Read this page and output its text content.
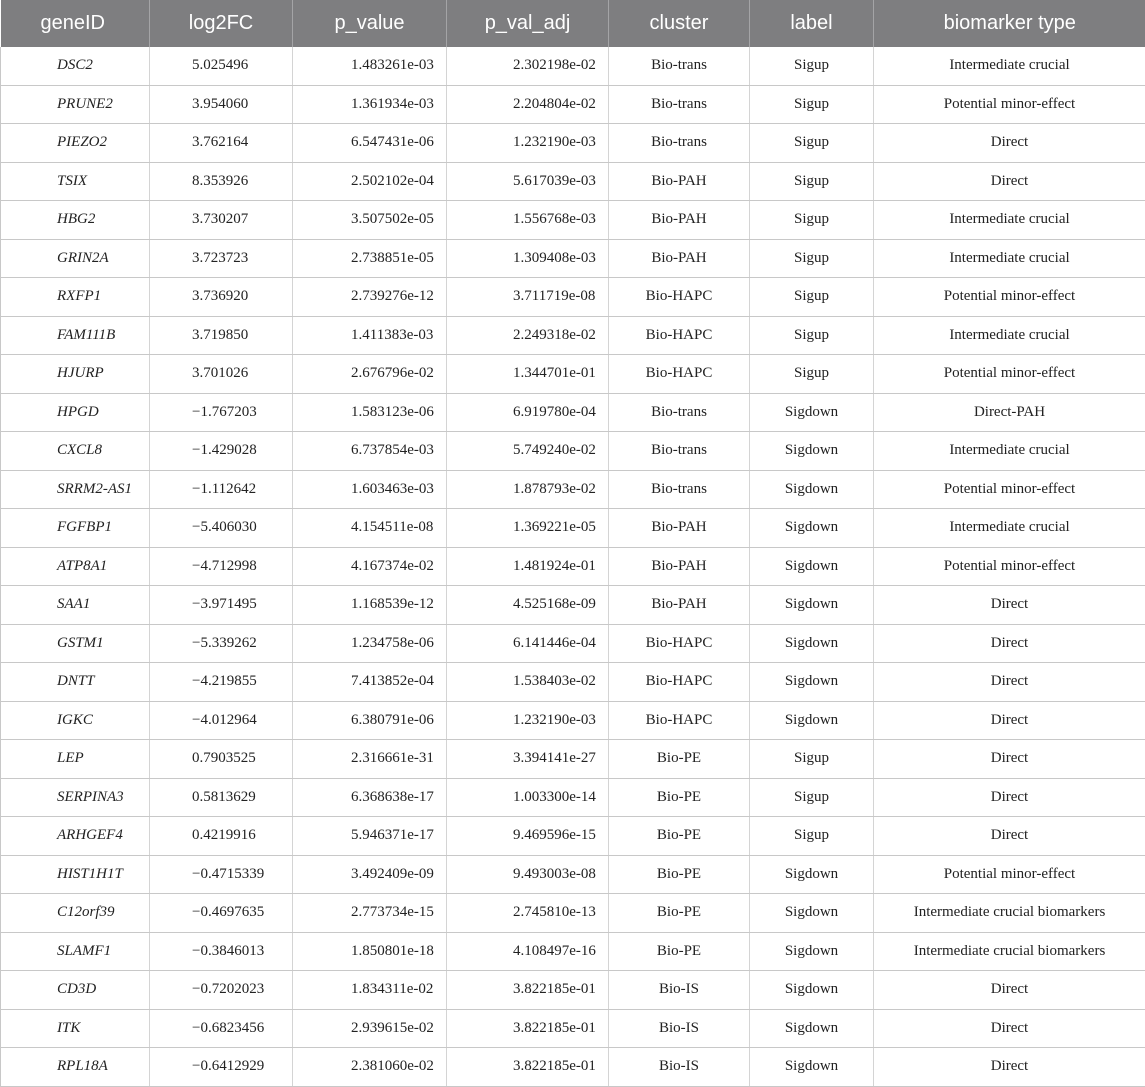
geneID	log2FC	p_value	p_val_adj	cluster	label	biomarker type
DSC2	5.025496	1.483261e-03	2.302198e-02	Bio-trans	Sigup	Intermediate crucial
PRUNE2	3.954060	1.361934e-03	2.204804e-02	Bio-trans	Sigup	Potential minor-effect
PIEZO2	3.762164	6.547431e-06	1.232190e-03	Bio-trans	Sigup	Direct
TSIX	8.353926	2.502102e-04	5.617039e-03	Bio-PAH	Sigup	Direct
HBG2	3.730207	3.507502e-05	1.556768e-03	Bio-PAH	Sigup	Intermediate crucial
GRIN2A	3.723723	2.738851e-05	1.309408e-03	Bio-PAH	Sigup	Intermediate crucial
RXFP1	3.736920	2.739276e-12	3.711719e-08	Bio-HAPC	Sigup	Potential minor-effect
FAM111B	3.719850	1.411383e-03	2.249318e-02	Bio-HAPC	Sigup	Intermediate crucial
HJURP	3.701026	2.676796e-02	1.344701e-01	Bio-HAPC	Sigup	Potential minor-effect
HPGD	−1.767203	1.583123e-06	6.919780e-04	Bio-trans	Sigdown	Direct-PAH
CXCL8	−1.429028	6.737854e-03	5.749240e-02	Bio-trans	Sigdown	Intermediate crucial
SRRM2-AS1	−1.112642	1.603463e-03	1.878793e-02	Bio-trans	Sigdown	Potential minor-effect
FGFBP1	−5.406030	4.154511e-08	1.369221e-05	Bio-PAH	Sigdown	Intermediate crucial
ATP8A1	−4.712998	4.167374e-02	1.481924e-01	Bio-PAH	Sigdown	Potential minor-effect
SAA1	−3.971495	1.168539e-12	4.525168e-09	Bio-PAH	Sigdown	Direct
GSTM1	−5.339262	1.234758e-06	6.141446e-04	Bio-HAPC	Sigdown	Direct
DNTT	−4.219855	7.413852e-04	1.538403e-02	Bio-HAPC	Sigdown	Direct
IGKC	−4.012964	6.380791e-06	1.232190e-03	Bio-HAPC	Sigdown	Direct
LEP	0.7903525	2.316661e-31	3.394141e-27	Bio-PE	Sigup	Direct
SERPINA3	0.5813629	6.368638e-17	1.003300e-14	Bio-PE	Sigup	Direct
ARHGEF4	0.4219916	5.946371e-17	9.469596e-15	Bio-PE	Sigup	Direct
HIST1H1T	−0.4715339	3.492409e-09	9.493003e-08	Bio-PE	Sigdown	Potential minor-effect
C12orf39	−0.4697635	2.773734e-15	2.745810e-13	Bio-PE	Sigdown	Intermediate crucial biomarkers
SLAMF1	−0.3846013	1.850801e-18	4.108497e-16	Bio-PE	Sigdown	Intermediate crucial biomarkers
CD3D	−0.7202023	1.834311e-02	3.822185e-01	Bio-IS	Sigdown	Direct
ITK	−0.6823456	2.939615e-02	3.822185e-01	Bio-IS	Sigdown	Direct
RPL18A	−0.6412929	2.381060e-02	3.822185e-01	Bio-IS	Sigdown	Direct
